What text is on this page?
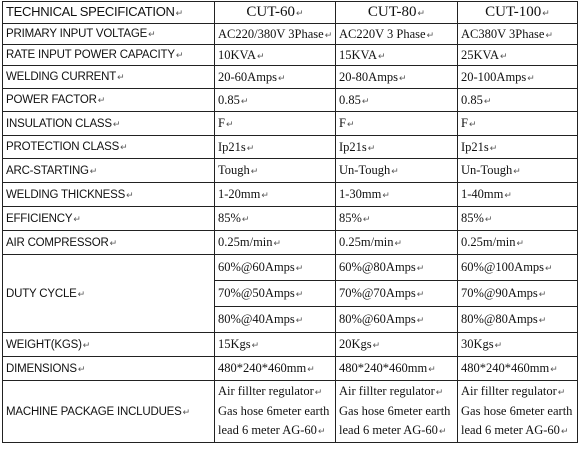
TECHNICAL SPECIFICATION↵	CUT-60↵	CUT-80↵	CUT-100↵
PRIMARY INPUT VOLTAGE↵	AC220/380V 3Phase↵	AC220V 3 Phase↵	AC380V 3Phase↵
RATE INPUT POWER CAPACITY↵	10KVA↵	15KVA↵	25KVA↵
WELDING CURRENT↵	20-60Amps↵	20-80Amps↵	20-100Amps↵
POWER FACTOR↵	0.85↵	0.85↵	0.85↵
INSULATION CLASS↵	F↵	F↵	F↵
PROTECTION CLASS↵	Ip21s↵	Ip21s↵	Ip21s↵
ARC-STARTING↵	Tough↵	Un-Tough↵	Un-Tough↵
WELDING THICKNESS↵	1-20mm↵	1-30mm↵	1-40mm↵
EFFICIENCY↵	85%↵	85%↵	85%↵
AIR COMPRESSOR↵	0.25m/min↵	0.25m/min↵	0.25m/min↵
DUTY CYCLE↵	60%@60Amps↵	60%@80Amps↵	60%@100Amps↵
	70%@50Amps↵	70%@70Amps↵	70%@90Amps↵
	80%@40Amps↵	80%@60Amps↵	80%@80Amps↵
WEIGHT(KGS)↵	15Kgs↵	20Kgs↵	30Kgs↵
DIMENSIONS↵	480*240*460mm↵	480*240*460mm↵	480*240*460mm↵
MACHINE PACKAGE INCLUDUES↵	Air fillter regulator↵
Gas hose 6meter earth
lead 6 meter AG-60↵	Air fillter regulator↵
Gas hose 6meter earth
lead 6 meter AG-60↵	Air fillter regulator↵
Gas hose 6meter earth
lead 6 meter AG-60↵
